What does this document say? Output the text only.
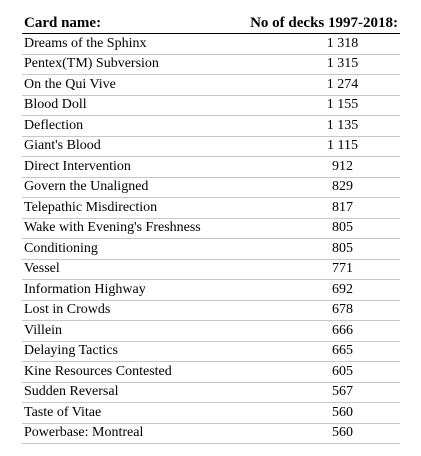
Card name:	No of decks 1997-2018:
Dreams of the Sphinx	1 318
Pentex(TM) Subversion	1 315
On the Qui Vive	1 274
Blood Doll	1 155
Deflection	1 135
Giant's Blood	1 115
Direct Intervention	912
Govern the Unaligned	829
Telepathic Misdirection	817
Wake with Evening's Freshness	805
Conditioning	805
Vessel	771
Information Highway	692
Lost in Crowds	678
Villein	666
Delaying Tactics	665
Kine Resources Contested	605
Sudden Reversal	567
Taste of Vitae	560
Powerbase: Montreal	560
